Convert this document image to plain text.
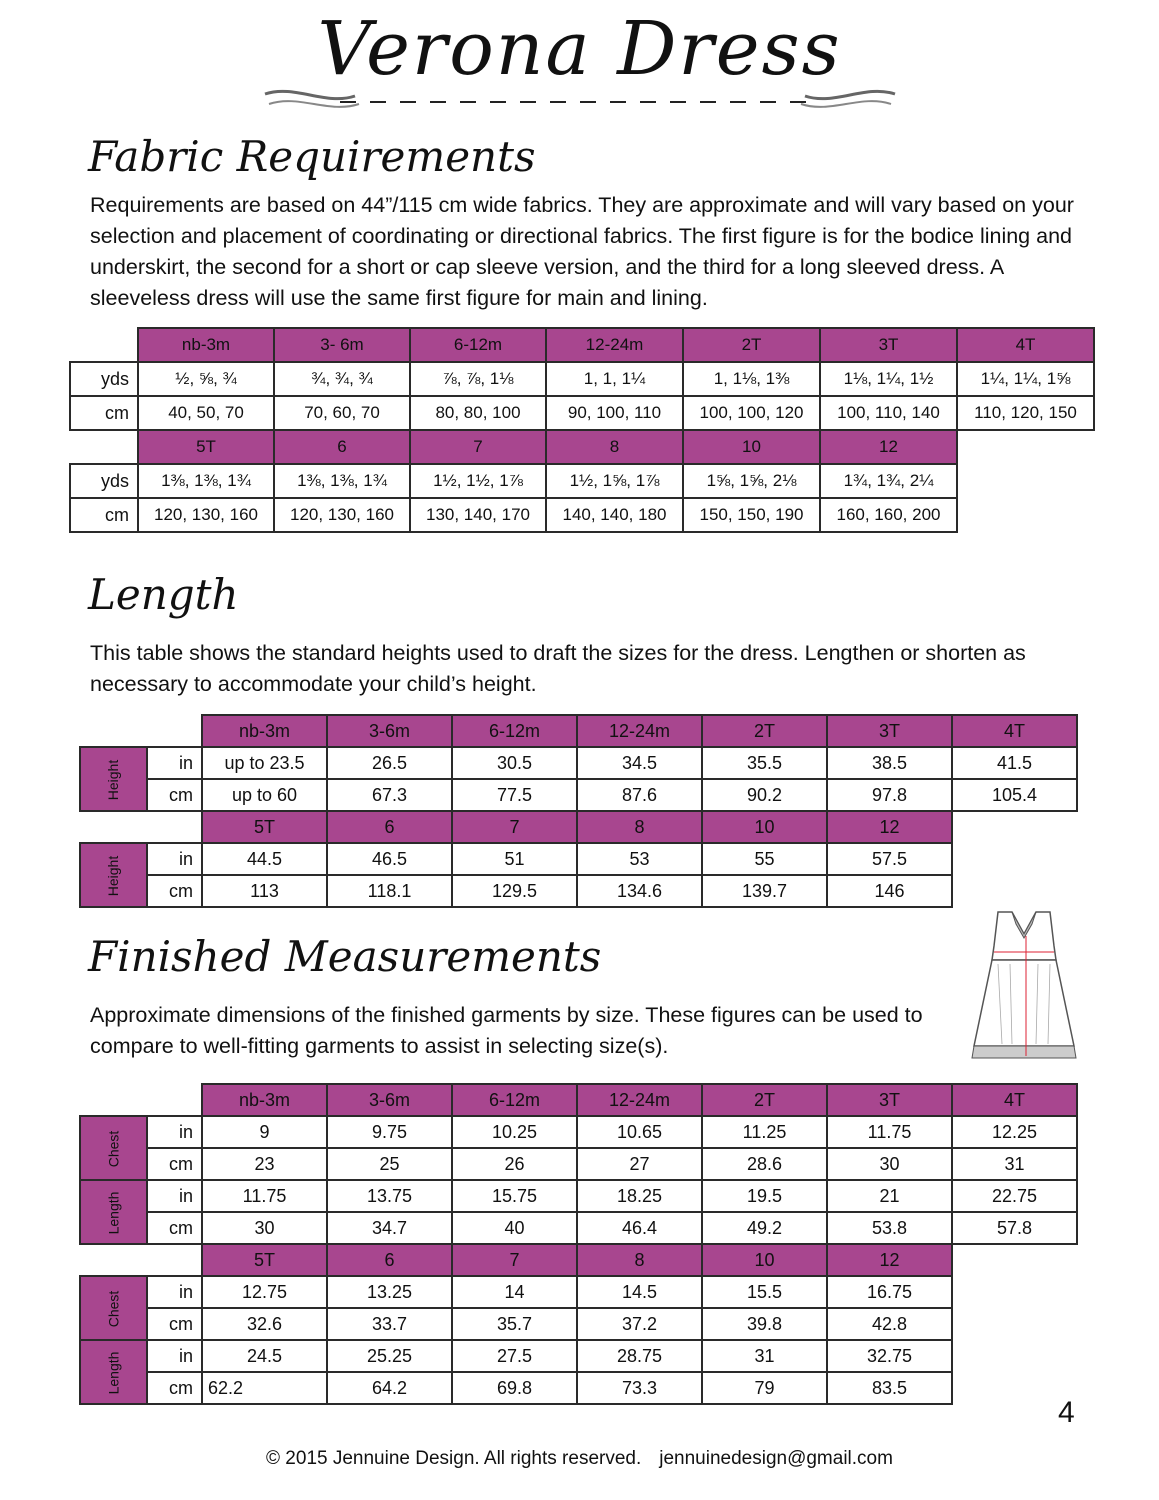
Verona Dress
Fabric Requirements
Requirements are based on 44”/115 cm wide fabrics. They are approximate and will vary based on your selection and placement of coordinating or directional fabrics. The first figure is for the bodice lining and underskirt, the second for a short or cap sleeve version, and the third for a long sleeved dress. A sleeveless dress will use the same first figure for main and lining.
	nb-3m	3- 6m	6-12m	12-24m	2T	3T	4T
yds	½, ⅝, ¾	¾, ¾, ¾	⅞, ⅞, 1⅛	1, 1, 1¼	1, 1⅛, 1⅜	1⅛, 1¼, 1½	1¼, 1¼, 1⅝
cm	40, 50, 70	70, 60, 70	80, 80, 100	90, 100, 110	100, 100, 120	100, 110, 140	110, 120, 150
	5T	6	7	8	10	12	
yds	1⅜, 1⅜, 1¾	1⅜, 1⅜, 1¾	1½, 1½, 1⅞	1½, 1⅝, 1⅞	1⅝, 1⅝, 2⅛	1¾, 1¾, 2¼	
cm	120, 130, 160	120, 130, 160	130, 140, 170	140, 140, 180	150, 150, 190	160, 160, 200	
Length
This table shows the standard heights used to draft the sizes for the dress. Lengthen or shorten as necessary to accommodate your child’s height.
		nb-3m	3-6m	6-12m	12-24m	2T	3T	4T
Height	in	up to 23.5	26.5	30.5	34.5	35.5	38.5	41.5
	cm	up to 60	67.3	77.5	87.6	90.2	97.8	105.4
		5T	6	7	8	10	12	
Height	in	44.5	46.5	51	53	55	57.5	
	cm	113	118.1	129.5	134.6	139.7	146	
Finished Measurements
Approximate dimensions of the finished garments by size. These figures can be used to compare to well-fitting garments to assist in selecting size(s).
		nb-3m	3-6m	6-12m	12-24m	2T	3T	4T
Chest	in	9	9.75	10.25	10.65	11.25	11.75	12.25
	cm	23	25	26	27	28.6	30	31
Length	in	11.75	13.75	15.75	18.25	19.5	21	22.75
	cm	30	34.7	40	46.4	49.2	53.8	57.8
		5T	6	7	8	10	12	
Chest	in	12.75	13.25	14	14.5	15.5	16.75	
	cm	32.6	33.7	35.7	37.2	39.8	42.8	
Length	in	24.5	25.25	27.5	28.75	31	32.75	
	cm	62.2	64.2	69.8	73.3	79	83.5	
4
© 2015 Jennuine Design. All rights reserved. jennuinedesign@gmail.com
